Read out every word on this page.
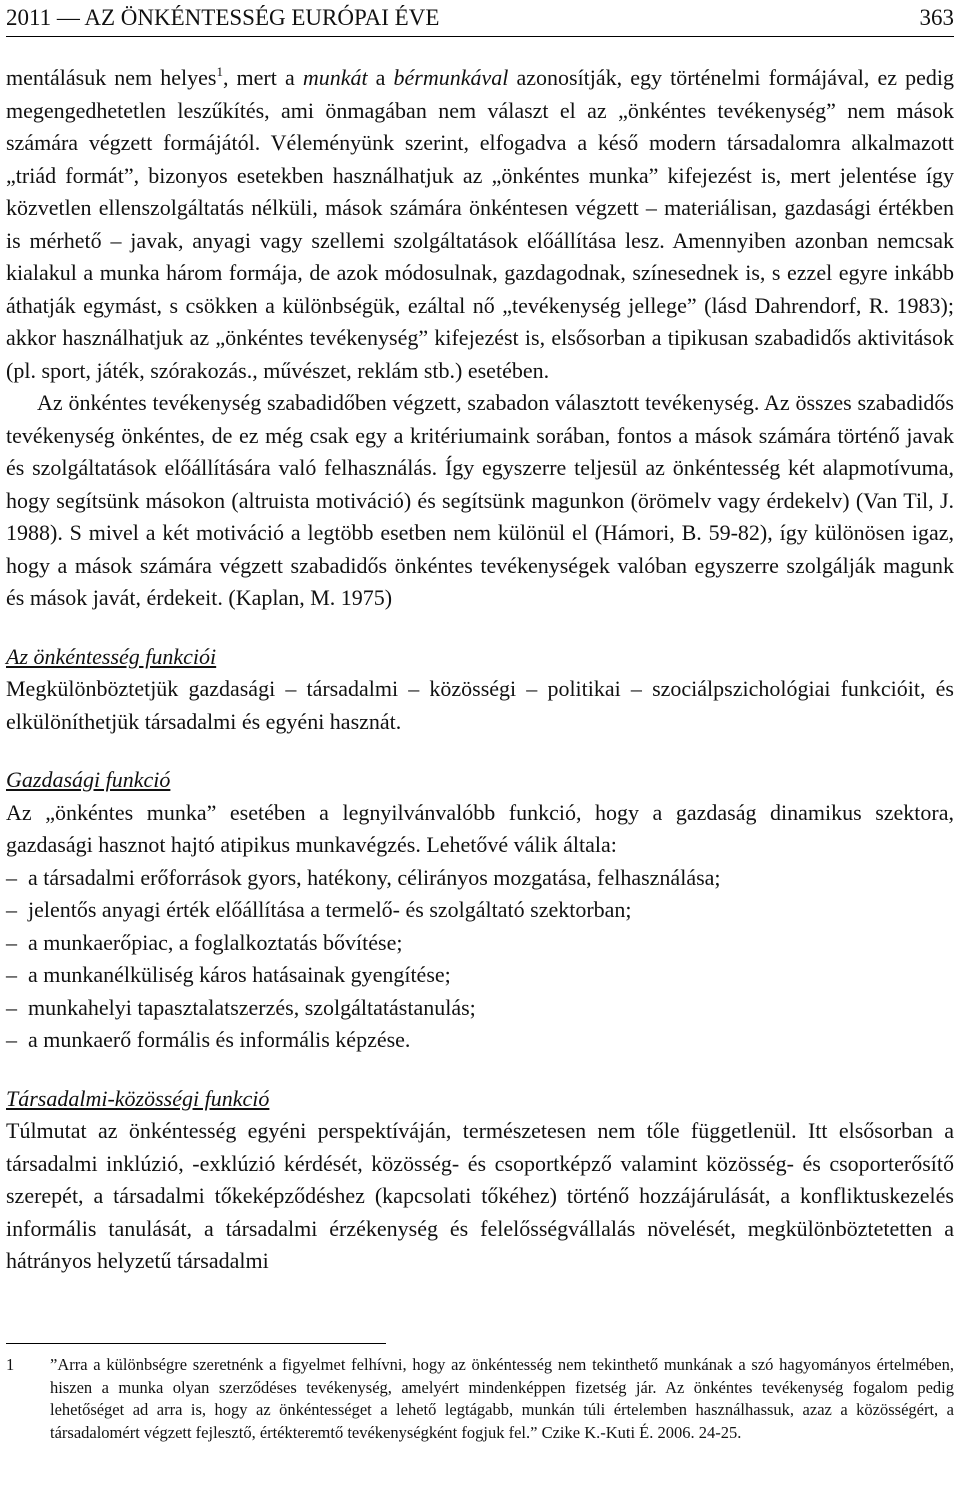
2011 — AZ ÖNKÉNTESSÉG EURÓPAI ÉVE	363

mentálásuk nem helyes$^1$, mert a munkát a bérmunkával azonosítják, egy történelmi formájával, ez pedig megengedhetetlen leszűkítés, ami önmagában nem választ el az „önkéntes tevékenység” nem mások számára végzett formájától. Véleményünk szerint, elfogadva a késő modern társadalomra alkalmazott „triád formát”, bizonyos esetekben használhatjuk az „önkéntes munka” kifejezést is, mert jelentése így közvetlen ellenszolgáltatás nélküli, mások számára önkéntesen végzett – materiálisan, gazdasági értékben is mérhető – javak, anyagi vagy szellemi szolgáltatások előállítása lesz. Amennyiben azonban nemcsak kialakul a munka három formája, de azok módosulnak, gazdagodnak, színesednek is, s ezzel egyre inkább áthatják egymást, s csökken a különbségük, ezáltal nő „tevékenység jellege” (lásd Dahrendorf, R. 1983); akkor használhatjuk az „önkéntes tevékenység” kifejezést is, elsősorban a tipikusan szabadidős aktivitások (pl. sport, játék, szórakozás., művészet, reklám stb.) esetében.

Az önkéntes tevékenység szabadidőben végzett, szabadon választott tevékenység. Az összes szabadidős tevékenység önkéntes, de ez még csak egy a kritériumaink sorában, fontos a mások számára történő javak és szolgáltatások előállítására való felhasználás. Így egyszerre teljesül az önkéntesség két alapmotívuma, hogy segítsünk másokon (altruista motiváció) és segítsünk magunkon (örömelv vagy érdekelv) (Van Til, J. 1988). S mivel a két motiváció a legtöbb esetben nem különül el (Hámori, B. 59-82), így különösen igaz, hogy a mások számára végzett szabadidős önkéntes tevékenységek valóban egyszerre szolgálják magunk és mások javát, érdekeit. (Kaplan, M. 1975)

Az önkéntesség funkciói

Megkülönböztetjük gazdasági – társadalmi – közösségi – politikai – szociálpszichológiai funkcióit, és elkülöníthetjük társadalmi és egyéni hasznát.

Gazdasági funkció

Az „önkéntes munka” esetében a legnyilvánvalóbb funkció, hogy a gazdaság dinamikus szektora, gazdasági hasznot hajtó atipikus munkavégzés. Lehetővé válik általa:

– a társadalmi erőforrások gyors, hatékony, célirányos mozgatása, felhasználása;
– jelentős anyagi érték előállítása a termelő- és szolgáltató szektorban;
– a munkaerőpiac, a foglalkoztatás bővítése;
– a munkanélküliség káros hatásainak gyengítése;
– munkahelyi tapasztalatszerzés, szolgáltatástanulás;
– a munkaerő formális és informális képzése.

Társadalmi-közösségi funkció

Túlmutat az önkéntesség egyéni perspektíváján, természetesen nem tőle függetlenül. Itt elsősorban a társadalmi inklúzió, -exklúzió kérdését, közösség- és csoportképző valamint közösség- és csoporterősítő szerepét, a társadalmi tőkeképződéshez (kapcsolati tőkéhez) történő hozzájárulását, a konfliktuskezelés informális tanulását, a társadalmi érzékenység és felelősségvállalás növelését, megkülönböztetetten a hátrányos helyzetű társadalmi

1 ”Arra a különbségre szeretnénk a figyelmet felhívni, hogy az önkéntesség nem tekinthető munkának a szó hagyományos értelmében, hiszen a munka olyan szerződéses tevékenység, amelyért mindenképpen fizetség jár. Az önkéntes tevékenység fogalom pedig lehetőséget ad arra is, hogy az önkéntességet a lehető legtágabb, munkán túli értelemben használhassuk, azaz a közösségért, a társadalomért végzett fejlesztő, értékteremtő tevékenységként fogjuk fel.” Czike K.-Kuti É. 2006. 24-25.
